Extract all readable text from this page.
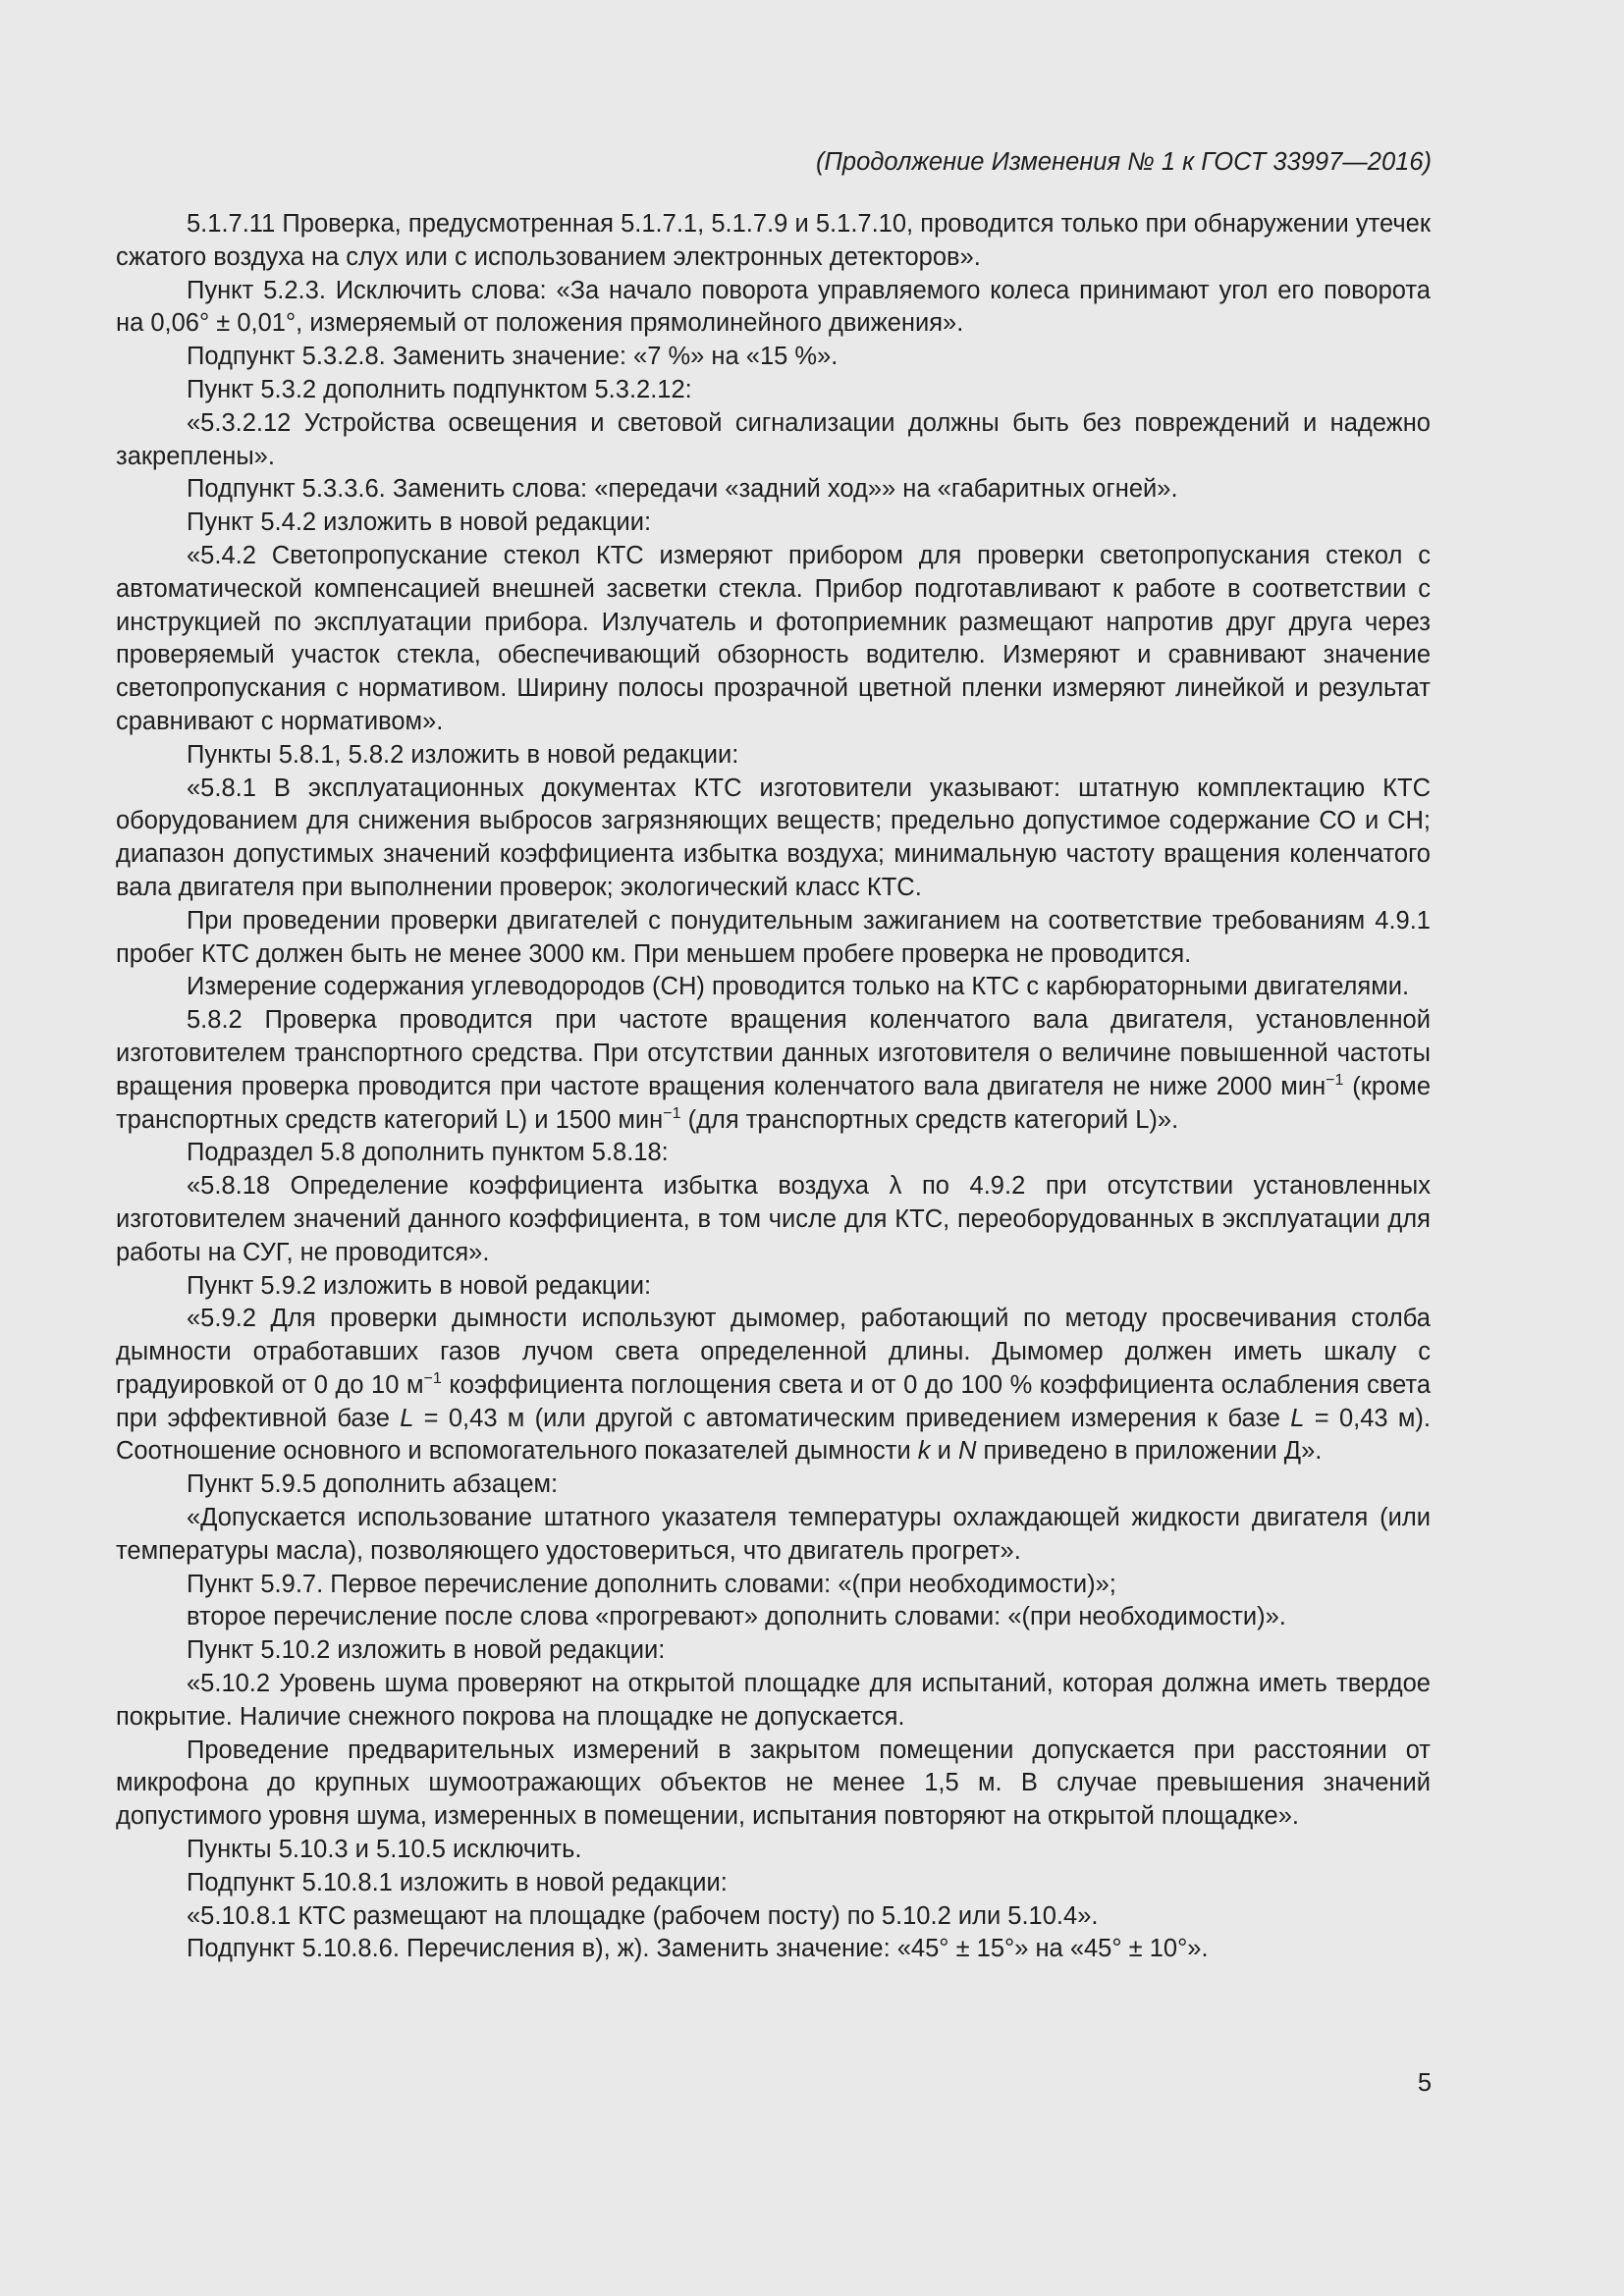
(Продолжение Изменения № 1 к ГОСТ 33997—2016)

5.1.7.11 Проверка, предусмотренная 5.1.7.1, 5.1.7.9 и 5.1.7.10, проводится только при обнаружении утечек сжатого воздуха на слух или с использованием электронных детекторов».

Пункт 5.2.3. Исключить слова: «За начало поворота управляемого колеса принимают угол его поворота на 0,06° ± 0,01°, измеряемый от положения прямолинейного движения».

Подпункт 5.3.2.8. Заменить значение: «7 %» на «15 %».

Пункт 5.3.2 дополнить подпунктом 5.3.2.12:

«5.3.2.12 Устройства освещения и световой сигнализации должны быть без повреждений и надежно закреплены».

Подпункт 5.3.3.6. Заменить слова: «передачи «задний ход»» на «габаритных огней».

Пункт 5.4.2 изложить в новой редакции:

«5.4.2 Светопропускание стекол КТС измеряют прибором для проверки светопропускания стекол с автоматической компенсацией внешней засветки стекла. Прибор подготавливают к работе в соответствии с инструкцией по эксплуатации прибора. Излучатель и фотоприемник размещают напротив друг друга через проверяемый участок стекла, обеспечивающий обзорность водителю. Измеряют и сравнивают значение светопропускания с нормативом. Ширину полосы прозрачной цветной пленки измеряют линейкой и результат сравнивают с нормативом».

Пункты 5.8.1, 5.8.2 изложить в новой редакции:

«5.8.1 В эксплуатационных документах КТС изготовители указывают: штатную комплектацию КТС оборудованием для снижения выбросов загрязняющих веществ; предельно допустимое содержание СО и СН; диапазон допустимых значений коэффициента избытка воздуха; минимальную частоту вращения коленчатого вала двигателя при выполнении проверок; экологический класс КТС.

При проведении проверки двигателей с понудительным зажиганием на соответствие требованиям 4.9.1 пробег КТС должен быть не менее 3000 км. При меньшем пробеге проверка не проводится.

Измерение содержания углеводородов (СН) проводится только на КТС с карбюраторными двигателями.

5.8.2 Проверка проводится при частоте вращения коленчатого вала двигателя, установленной изготовителем транспортного средства. При отсутствии данных изготовителя о величине повышенной частоты вращения проверка проводится при частоте вращения коленчатого вала двигателя не ниже 2000 мин$^{-1}$ (кроме транспортных средств категорий L) и 1500 мин$^{-1}$ (для транспортных средств категорий L)».

Подраздел 5.8 дополнить пунктом 5.8.18:

«5.8.18 Определение коэффициента избытка воздуха λ по 4.9.2 при отсутствии установленных изготовителем значений данного коэффициента, в том числе для КТС, переоборудованных в эксплуатации для работы на СУГ, не проводится».

Пункт 5.9.2 изложить в новой редакции:

«5.9.2 Для проверки дымности используют дымомер, работающий по методу просвечивания столба дымности отработавших газов лучом света определенной длины. Дымомер должен иметь шкалу с градуировкой от 0 до 10 $м^{-1}$ коэффициента поглощения света и от 0 до 100 % коэффициента ослабления света при эффективной базе L = 0,43 м (или другой с автоматическим приведением измерения к базе L = 0,43 м). Соотношение основного и вспомогательного показателей дымности k и N приведено в приложении Д».

Пункт 5.9.5 дополнить абзацем:

«Допускается использование штатного указателя температуры охлаждающей жидкости двигателя (или температуры масла), позволяющего удостовериться, что двигатель прогрет».

Пункт 5.9.7. Первое перечисление дополнить словами: «(при необходимости)»;

второе перечисление после слова «прогревают» дополнить словами: «(при необходимости)».

Пункт 5.10.2 изложить в новой редакции:

«5.10.2 Уровень шума проверяют на открытой площадке для испытаний, которая должна иметь твердое покрытие. Наличие снежного покрова на площадке не допускается.

Проведение предварительных измерений в закрытом помещении допускается при расстоянии от микрофона до крупных шумоотражающих объектов не менее 1,5 м. В случае превышения значений допустимого уровня шума, измеренных в помещении, испытания повторяют на открытой площадке».

Пункты 5.10.3 и 5.10.5 исключить.

Подпункт 5.10.8.1 изложить в новой редакции:

«5.10.8.1 КТС размещают на площадке (рабочем посту) по 5.10.2 или 5.10.4».

Подпункт 5.10.8.6. Перечисления в), ж). Заменить значение: «45° ± 15°» на «45° ± 10°».

5
